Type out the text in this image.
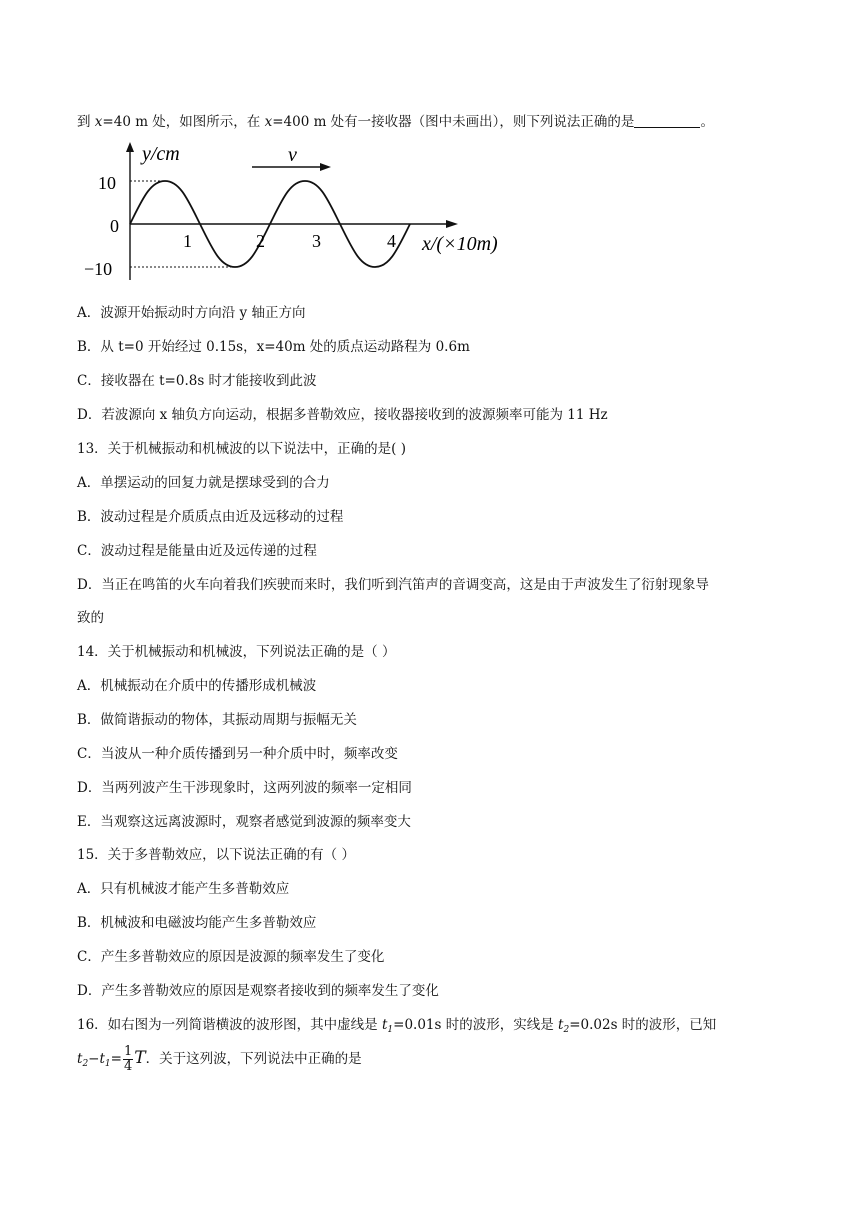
到 x=40 m 处，如图所示，在 x=400 m 处有一接收器（图中未画出），则下列说法正确的是	。
v
y/cm
10
0
−10
1	2	3	4 x/(×10m)
A．波源开始振动时方向沿 y 轴正方向
B．从 t=0 开始经过 0.15s，x=40m 处的质点运动路程为 0.6m
C．接收器在 t=0.8s 时才能接收到此波
D．若波源向 x 轴负方向运动，根据多普勒效应，接收器接收到的波源频率可能为 11 Hz
13．关于机械振动和机械波的以下说法中，正确的是( )
A．单摆运动的回复力就是摆球受到的合力
B．波动过程是介质质点由近及远移动的过程
C．波动过程是能量由近及远传递的过程
D．当正在鸣笛的火车向着我们疾驶而来时，我们听到汽笛声的音调变高，这是由于声波发生了衍射现象导
致的
14．关于机械振动和机械波，下列说法正确的是（ ）
A．机械振动在介质中的传播形成机械波
B．做简谐振动的物体，其振动周期与振幅无关
C．当波从一种介质传播到另一种介质中时，频率改变
D．当两列波产生干涉现象时，这两列波的频率一定相同
E．当观察这远离波源时，观察者感觉到波源的频率变大
15．关于多普勒效应，以下说法正确的有（ ）
A．只有机械波才能产生多普勒效应
B．机械波和电磁波均能产生多普勒效应
C．产生多普勒效应的原因是波源的频率发生了变化
D．产生多普勒效应的原因是观察者接收到的频率发生了变化
16．如右图为一列简谐横波的波形图，其中虚线是 $t_1=0.01s$ 时的波形，实线是 $t_2=0.02s$ 时的波形，已知
$t_2-t_1= \frac{1}{4}$ T．关于这列波，下列说法中正确的是
